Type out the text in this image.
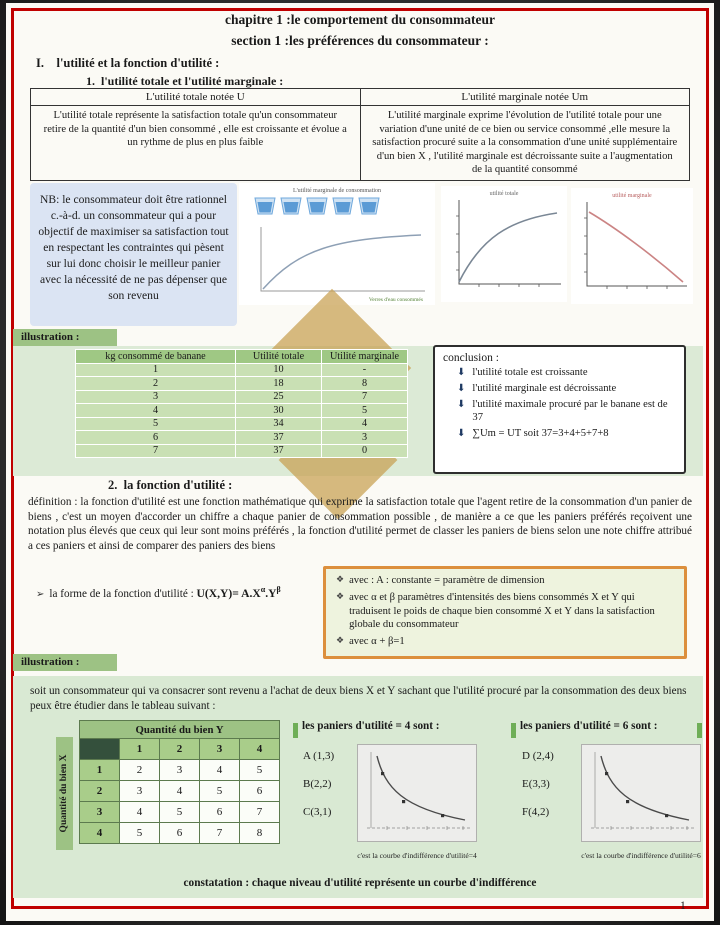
chapitre 1 :le comportement du consommateur
section 1 :les préférences du consommateur :
I.    l'utilité et la fonction d'utilité :
1.  l'utilité totale et l'utilité marginale :
L'utilité totale notée U	L'utilité marginale notée Um
L'utilité totale représente la satisfaction totale qu'un consommateur retire de la quantité d'un bien consommé , elle est croissante et évolue a un rythme de plus en plus faible	L'utilité marginale exprime l'évolution de l'utilité totale pour une variation d'une unité de ce bien ou service consommé ,elle mesure la satisfaction procuré suite a la consommation d'une unité supplémentaire d'un bien X , l'utilité marginale est décroissante suite a l'augmentation de la quantité consommé
NB: le consommateur doit être rationnel c.-à-d. un consommateur qui a pour objectif de maximiser sa satisfaction tout en respectant les contraintes qui pèsent sur lui donc choisir le meilleur panier avec la nécessité de ne pas dépenser que son revenu
L'utilité marginale de consommation
Verres d'eau consommés
utilité totale	utilité marginale
illustration :
kg consommé de banane	Utilité totale	Utilité marginale
1	10	-
2	18	8
3	25	7
4	30	5
5	34	4
6	37	3
7	37	0
conclusion :
⬇ l'utilité totale est croissante
⬇ l'utilité marginale est décroissante
⬇ l'utilité maximale procuré par le banane est de 37
⬇ ∑Um = UT soit 37=3+4+5+7+8
2.  la fonction d'utilité :
définition : la fonction d'utilité est une fonction mathématique qui exprime la satisfaction totale que l'agent retire de la consommation d'un panier de biens , c'est un moyen d'accorder un chiffre a chaque panier de consommation possible , de manière a ce que les paniers préférés reçoivent une notation plus élevés que ceux qui leur sont moins préférés , la fonction d'utilité permet de classer les paniers de biens selon une note chiffre attribué a ces paniers et ainsi de comparer des paniers des biens
➢ la forme de la fonction d'utilité : $U(X,Y)= A.X^\alpha.Y^\beta$
❖ avec : A : constante = paramètre de dimension
❖ avec α et β paramètres d'intensités des biens consommés X et Y qui traduisent le poids de chaque bien consommé X et Y dans la satisfaction globale du consommateur
❖ avec α + β=1
illustration :
soit un consommateur qui va consacrer sont revenu a l'achat de deux biens X et Y sachant que l'utilité procuré par la consommation des deux biens peux être étudier dans le tableau suivant :
Quantité du bien X
Quantité du bien Y				
	1	2	3	4
1	2	3	4	5
2	3	4	5	6
3	4	5	6	7
4	5	6	7	8
les paniers d'utilité = 4 sont :
A (1,3)
B(2,2)
C(3,1)
c'est la courbe d'indifférence d'utilité=4
les paniers d'utilité = 6 sont :
D (2,4)
E(3,3)
F(4,2)
c'est la courbe d'indifférence d'utilité=6
constatation : chaque niveau d'utilité représente un courbe d'indifférence
1
